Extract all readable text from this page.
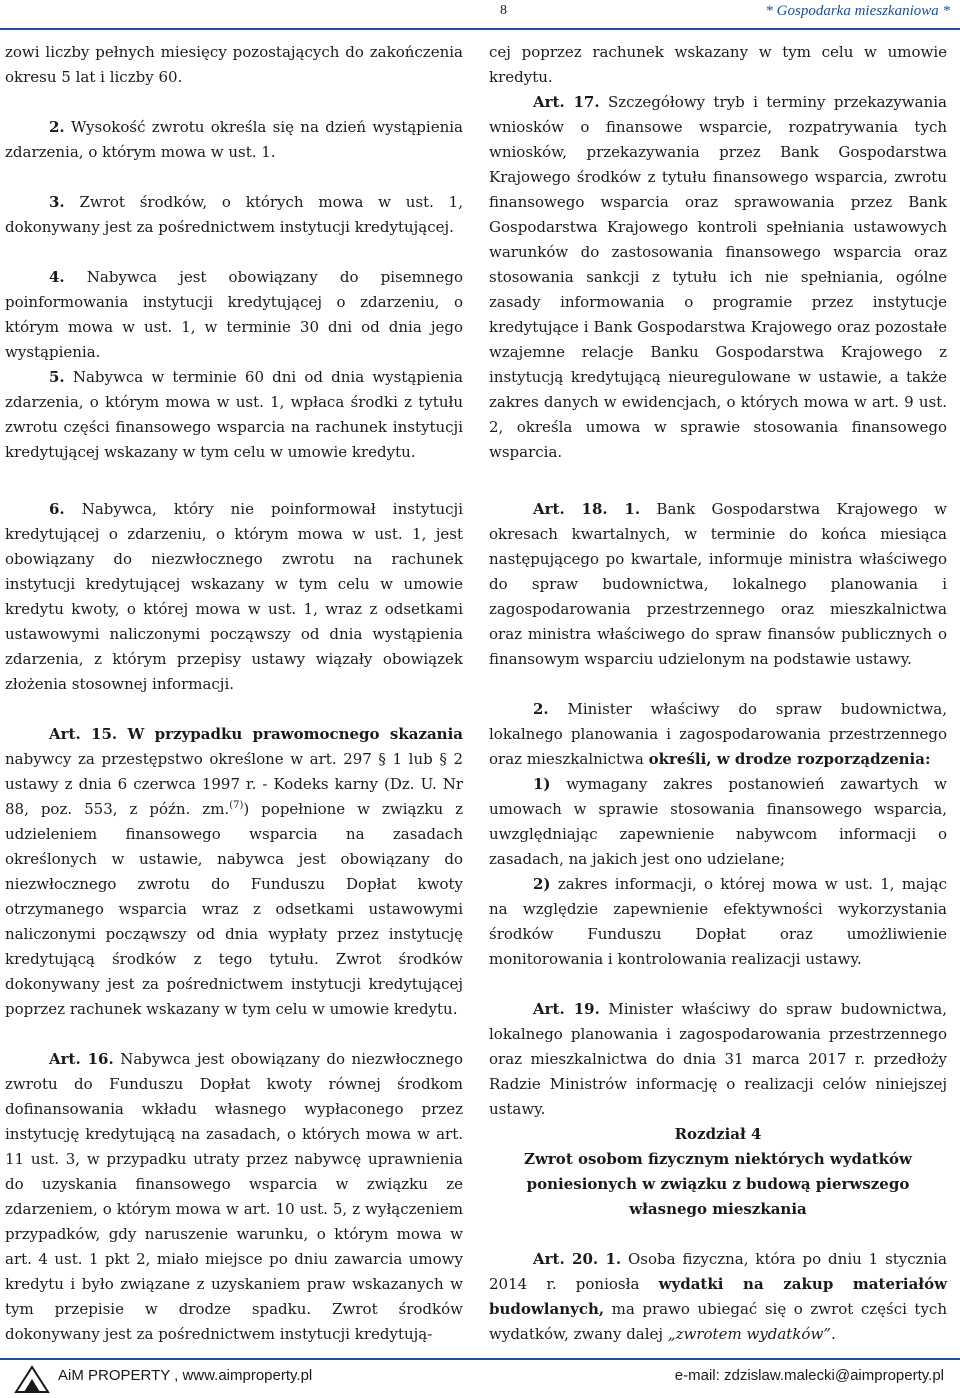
8	* Gospodarka mieszkaniowa *

zowi liczby pełnych miesięcy pozostających do zakończenia okresu 5 lat i liczby 60.

2. Wysokość zwrotu określa się na dzień wystąpienia zdarzenia, o którym mowa w ust. 1.

3. Zwrot środków, o których mowa w ust. 1, dokonywany jest za pośrednictwem instytucji kredytującej.

4. Nabywca jest obowiązany do pisemnego poinformowania instytucji kredytującej o zdarzeniu, o którym mowa w ust. 1, w terminie 30 dni od dnia jego wystąpienia.

5. Nabywca w terminie 60 dni od dnia wystąpienia zdarzenia, o którym mowa w ust. 1, wpłaca środki z tytułu zwrotu części finansowego wsparcia na rachunek instytucji kredytującej wskazany w tym celu w umowie kredytu.

6. Nabywca, który nie poinformował instytucji kredytującej o zdarzeniu, o którym mowa w ust. 1, jest obowiązany do niezwłocznego zwrotu na rachunek instytucji kredytującej wskazany w tym celu w umowie kredytu kwoty, o której mowa w ust. 1, wraz z odsetkami ustawowymi naliczonymi począwszy od dnia wystąpienia zdarzenia, z którym przepisy ustawy wiązały obowiązek złożenia stosownej informacji.

Art. 15. W przypadku prawomocnego skazania nabywcy za przestępstwo określone w art. 297 § 1 lub § 2 ustawy z dnia 6 czerwca 1997 r. - Kodeks karny (Dz. U. Nr 88, poz. 553, z późn. zm.$^{(7)}$) popełnione w związku z udzieleniem finansowego wsparcia na zasadach określonych w ustawie, nabywca jest obowiązany do niezwłocznego zwrotu do Funduszu Dopłat kwoty otrzymanego wsparcia wraz z odsetkami ustawowymi naliczonymi począwszy od dnia wypłaty przez instytucję kredytującą środków z tego tytułu. Zwrot środków dokonywany jest za pośrednictwem instytucji kredytującej poprzez rachunek wskazany w tym celu w umowie kredytu.

Art. 16. Nabywca jest obowiązany do niezwłocznego zwrotu do Funduszu Dopłat kwoty równej środkom dofinansowania wkładu własnego wypłaconego przez instytucję kredytującą na zasadach, o których mowa w art. 11 ust. 3, w przypadku utraty przez nabywcę uprawnienia do uzyskania finansowego wsparcia w związku ze zdarzeniem, o którym mowa w art. 10 ust. 5, z wyłączeniem przypadków, gdy naruszenie warunku, o którym mowa w art. 4 ust. 1 pkt 2, miało miejsce po dniu zawarcia umowy kredytu i było związane z uzyskaniem praw wskazanych w tym przepisie w drodze spadku. Zwrot środków dokonywany jest za pośrednictwem instytucji kredytują-

cej poprzez rachunek wskazany w tym celu w umowie kredytu.

Art. 17. Szczegółowy tryb i terminy przekazywania wniosków o finansowe wsparcie, rozpatrywania tych wniosków, przekazywania przez Bank Gospodarstwa Krajowego środków z tytułu finansowego wsparcia, zwrotu finansowego wsparcia oraz sprawowania przez Bank Gospodarstwa Krajowego kontroli spełniania ustawowych warunków do zastosowania finansowego wsparcia oraz stosowania sankcji z tytułu ich nie spełniania, ogólne zasady informowania o programie przez instytucje kredytujące i Bank Gospodarstwa Krajowego oraz pozostałe wzajemne relacje Banku Gospodarstwa Krajowego z instytucją kredytującą nieuregulowane w ustawie, a także zakres danych w ewidencjach, o których mowa w art. 9 ust. 2, określa umowa w sprawie stosowania finansowego wsparcia.

Art. 18. 1. Bank Gospodarstwa Krajowego w okresach kwartalnych, w terminie do końca miesiąca następującego po kwartale, informuje ministra właściwego do spraw budownictwa, lokalnego planowania i zagospodarowania przestrzennego oraz mieszkalnictwa oraz ministra właściwego do spraw finansów publicznych o finansowym wsparciu udzielonym na podstawie ustawy.

2. Minister właściwy do spraw budownictwa, lokalnego planowania i zagospodarowania przestrzennego oraz mieszkalnictwa określi, w drodze rozporządzenia:

1) wymagany zakres postanowień zawartych w umowach w sprawie stosowania finansowego wsparcia, uwzględniając zapewnienie nabywcom informacji o zasadach, na jakich jest ono udzielane;

2) zakres informacji, o której mowa w ust. 1, mając na względzie zapewnienie efektywności wykorzystania środków Funduszu Dopłat oraz umożliwienie monitorowania i kontrolowania realizacji ustawy.

Art. 19. Minister właściwy do spraw budownictwa, lokalnego planowania i zagospodarowania przestrzennego oraz mieszkalnictwa do dnia 31 marca 2017 r. przedłoży Radzie Ministrów informację o realizacji celów niniejszej ustawy.

Rozdział 4

Zwrot osobom fizycznym niektórych wydatków poniesionych w związku z budową pierwszego własnego mieszkania

Art. 20. 1. Osoba fizyczna, która po dniu 1 stycznia 2014 r. poniosła wydatki na zakup materiałów budowlanych, ma prawo ubiegać się o zwrot części tych wydatków, zwany dalej „zwrotem wydatków”.

AiM PROPERTY , www.aimproperty.pl	e-mail: zdzislaw.malecki@aimproperty.pl
